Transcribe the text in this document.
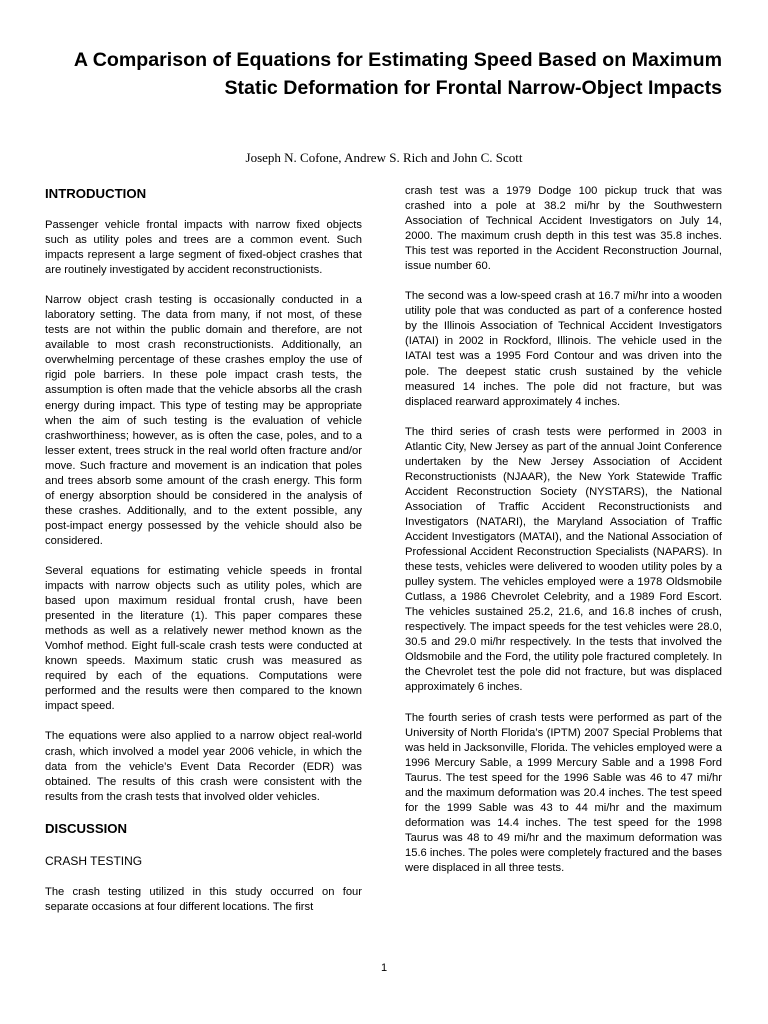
A Comparison of Equations for Estimating Speed Based on Maximum Static Deformation for Frontal Narrow-Object Impacts

Joseph N. Cofone, Andrew S. Rich and John C. Scott

INTRODUCTION

Passenger vehicle frontal impacts with narrow fixed objects such as utility poles and trees are a common event. Such impacts represent a large segment of fixed-object crashes that are routinely investigated by accident reconstructionists.

Narrow object crash testing is occasionally conducted in a laboratory setting. The data from many, if not most, of these tests are not within the public domain and therefore, are not available to most crash reconstructionists. Additionally, an overwhelming percentage of these crashes employ the use of rigid pole barriers. In these pole impact crash tests, the assumption is often made that the vehicle absorbs all the crash energy during impact. This type of testing may be appropriate when the aim of such testing is the evaluation of vehicle crashworthiness; however, as is often the case, poles, and to a lesser extent, trees struck in the real world often fracture and/or move. Such fracture and movement is an indication that poles and trees absorb some amount of the crash energy. This form of energy absorption should be considered in the analysis of these crashes. Additionally, and to the extent possible, any post-impact energy possessed by the vehicle should also be considered.

Several equations for estimating vehicle speeds in frontal impacts with narrow objects such as utility poles, which are based upon maximum residual frontal crush, have been presented in the literature (1). This paper compares these methods as well as a relatively newer method known as the Vomhof method. Eight full-scale crash tests were conducted at known speeds. Maximum static crush was measured as required by each of the equations. Computations were performed and the results were then compared to the known impact speed.

The equations were also applied to a narrow object real-world crash, which involved a model year 2006 vehicle, in which the data from the vehicle’s Event Data Recorder (EDR) was obtained. The results of this crash were consistent with the results from the crash tests that involved older vehicles.

DISCUSSION
CRASH TESTING

The crash testing utilized in this study occurred on four separate occasions at four different locations. The first

crash test was a 1979 Dodge 100 pickup truck that was crashed into a pole at 38.2 mi/hr by the Southwestern Association of Technical Accident Investigators on July 14, 2000. The maximum crush depth in this test was 35.8 inches. This test was reported in the Accident Reconstruction Journal, issue number 60.

The second was a low-speed crash at 16.7 mi/hr into a wooden utility pole that was conducted as part of a conference hosted by the Illinois Association of Technical Accident Investigators (IATAI) in 2002 in Rockford, Illinois. The vehicle used in the IATAI test was a 1995 Ford Contour and was driven into the pole. The deepest static crush sustained by the vehicle measured 14 inches. The pole did not fracture, but was displaced rearward approximately 4 inches.

The third series of crash tests were performed in 2003 in Atlantic City, New Jersey as part of the annual Joint Conference undertaken by the New Jersey Association of Accident Reconstructionists (NJAAR), the New York Statewide Traffic Accident Reconstruction Society (NYSTARS), the National Association of Traffic Accident Reconstructionists and Investigators (NATARI), the Maryland Association of Traffic Accident Investigators (MATAI), and the National Association of Professional Accident Reconstruction Specialists (NAPARS). In these tests, vehicles were delivered to wooden utility poles by a pulley system. The vehicles employed were a 1978 Oldsmobile Cutlass, a 1986 Chevrolet Celebrity, and a 1989 Ford Escort. The vehicles sustained 25.2, 21.6, and 16.8 inches of crush, respectively. The impact speeds for the test vehicles were 28.0, 30.5 and 29.0 mi/hr respectively. In the tests that involved the Oldsmobile and the Ford, the utility pole fractured completely. In the Chevrolet test the pole did not fracture, but was displaced approximately 6 inches.

The fourth series of crash tests were performed as part of the University of North Florida’s (IPTM) 2007 Special Problems that was held in Jacksonville, Florida. The vehicles employed were a 1996 Mercury Sable, a 1999 Mercury Sable and a 1998 Ford Taurus. The test speed for the 1996 Sable was 46 to 47 mi/hr and the maximum deformation was 20.4 inches. The test speed for the 1999 Sable was 43 to 44 mi/hr and the maximum deformation was 14.4 inches. The test speed for the 1998 Taurus was 48 to 49 mi/hr and the maximum deformation was 15.6 inches. The poles were completely fractured and the bases were displaced in all three tests.

1
